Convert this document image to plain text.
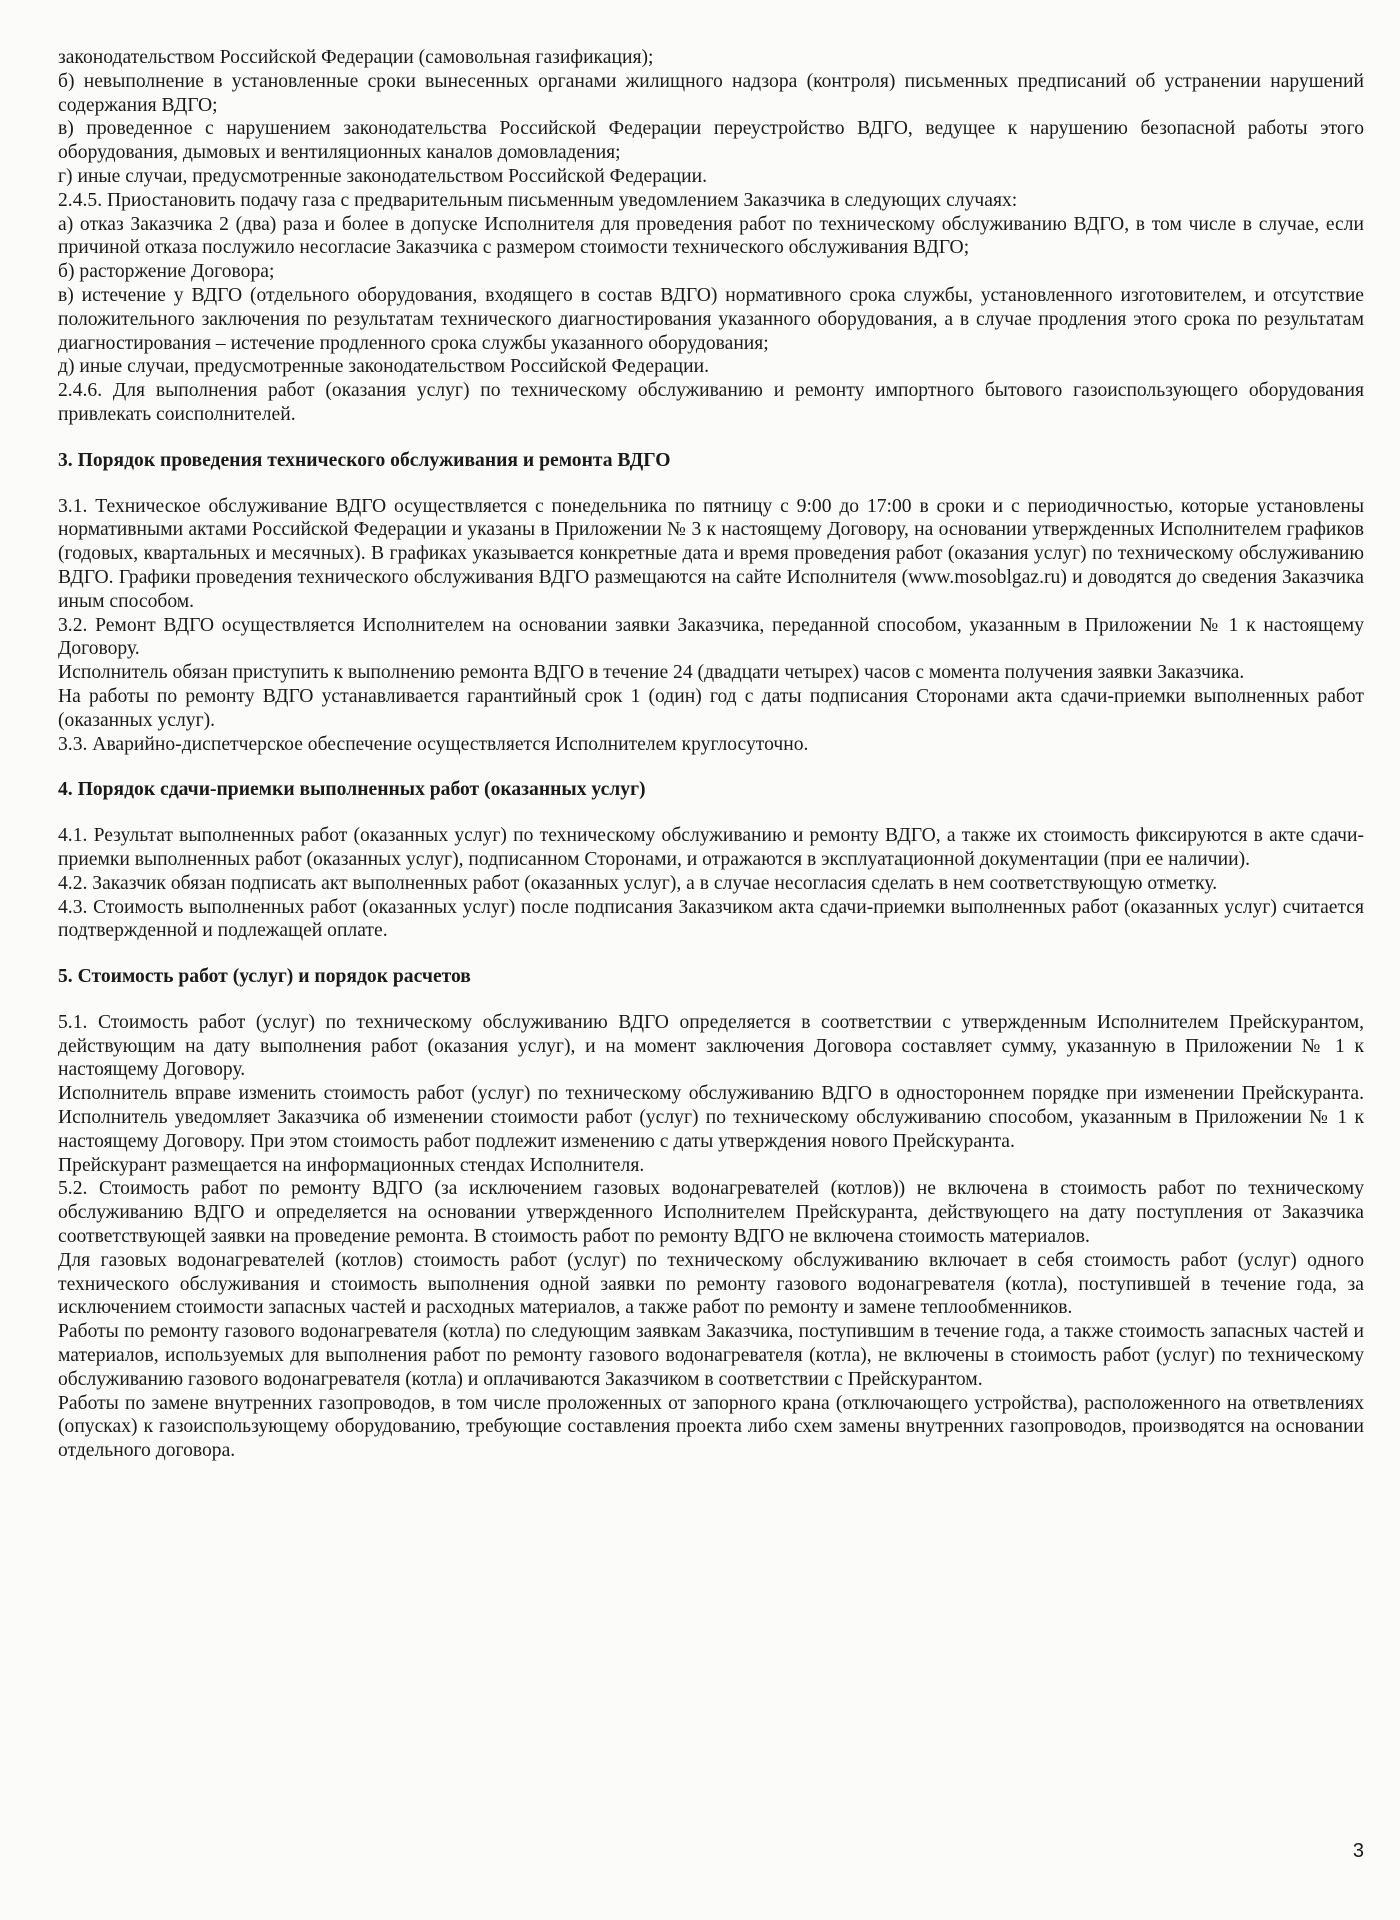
законодательством Российской Федерации (самовольная газификация);

б) невыполнение в установленные сроки вынесенных органами жилищного надзора (контроля) письменных предписаний об устранении нарушений содержания ВДГО;

в) проведенное с нарушением законодательства Российской Федерации переустройство ВДГО, ведущее к нарушению безопасной работы этого оборудования, дымовых и вентиляционных каналов домовладения;

г) иные случаи, предусмотренные законодательством Российской Федерации.

2.4.5. Приостановить подачу газа с предварительным письменным уведомлением Заказчика в следующих случаях:

а) отказ Заказчика 2 (два) раза и более в допуске Исполнителя для проведения работ по техническому обслуживанию ВДГО, в том числе в случае, если причиной отказа послужило несогласие Заказчика с размером стоимости технического обслуживания ВДГО;

б) расторжение Договора;

в) истечение у ВДГО (отдельного оборудования, входящего в состав ВДГО) нормативного срока службы, установленного изготовителем, и отсутствие положительного заключения по результатам технического диагностирования указанного оборудования, а в случае продления этого срока по результатам диагностирования – истечение продленного срока службы указанного оборудования;

д) иные случаи, предусмотренные законодательством Российской Федерации.

2.4.6. Для выполнения работ (оказания услуг) по техническому обслуживанию и ремонту импортного бытового газоиспользующего оборудования привлекать соисполнителей.

3. Порядок проведения технического обслуживания и ремонта ВДГО

3.1. Техническое обслуживание ВДГО осуществляется с понедельника по пятницу с 9:00 до 17:00 в сроки и с периодичностью, которые установлены нормативными актами Российской Федерации и указаны в Приложении № 3 к настоящему Договору, на основании утвержденных Исполнителем графиков (годовых, квартальных и месячных). В графиках указывается конкретные дата и время проведения работ (оказания услуг) по техническому обслуживанию ВДГО. Графики проведения технического обслуживания ВДГО размещаются на сайте Исполнителя (www.mosoblgaz.ru) и доводятся до сведения Заказчика иным способом.

3.2. Ремонт ВДГО осуществляется Исполнителем на основании заявки Заказчика, переданной способом, указанным в Приложении № 1 к настоящему Договору.

Исполнитель обязан приступить к выполнению ремонта ВДГО в течение 24 (двадцати четырех) часов с момента получения заявки Заказчика.

На работы по ремонту ВДГО устанавливается гарантийный срок 1 (один) год с даты подписания Сторонами акта сдачи-приемки выполненных работ (оказанных услуг).

3.3. Аварийно-диспетчерское обеспечение осуществляется Исполнителем круглосуточно.

4. Порядок сдачи-приемки выполненных работ (оказанных услуг)

4.1. Результат выполненных работ (оказанных услуг) по техническому обслуживанию и ремонту ВДГО, а также их стоимость фиксируются в акте сдачи-приемки выполненных работ (оказанных услуг), подписанном Сторонами, и отражаются в эксплуатационной документации (при ее наличии).

4.2. Заказчик обязан подписать акт выполненных работ (оказанных услуг), а в случае несогласия сделать в нем соответствующую отметку.

4.3. Стоимость выполненных работ (оказанных услуг) после подписания Заказчиком акта сдачи-приемки выполненных работ (оказанных услуг) считается подтвержденной и подлежащей оплате.

5. Стоимость работ (услуг) и порядок расчетов

5.1. Стоимость работ (услуг) по техническому обслуживанию ВДГО определяется в соответствии с утвержденным Исполнителем Прейскурантом, действующим на дату выполнения работ (оказания услуг), и на момент заключения Договора составляет сумму, указанную в Приложении № 1 к настоящему Договору.

Исполнитель вправе изменить стоимость работ (услуг) по техническому обслуживанию ВДГО в одностороннем порядке при изменении Прейскуранта. Исполнитель уведомляет Заказчика об изменении стоимости работ (услуг) по техническому обслуживанию способом, указанным в Приложении № 1 к настоящему Договору. При этом стоимость работ подлежит изменению с даты утверждения нового Прейскуранта.

Прейскурант размещается на информационных стендах Исполнителя.

5.2. Стоимость работ по ремонту ВДГО (за исключением газовых водонагревателей (котлов)) не включена в стоимость работ по техническому обслуживанию ВДГО и определяется на основании утвержденного Исполнителем Прейскуранта, действующего на дату поступления от Заказчика соответствующей заявки на проведение ремонта. В стоимость работ по ремонту ВДГО не включена стоимость материалов.

Для газовых водонагревателей (котлов) стоимость работ (услуг) по техническому обслуживанию включает в себя стоимость работ (услуг) одного технического обслуживания и стоимость выполнения одной заявки по ремонту газового водонагревателя (котла), поступившей в течение года, за исключением стоимости запасных частей и расходных материалов, а также работ по ремонту и замене теплообменников.

Работы по ремонту газового водонагревателя (котла) по следующим заявкам Заказчика, поступившим в течение года, а также стоимость запасных частей и материалов, используемых для выполнения работ по ремонту газового водонагревателя (котла), не включены в стоимость работ (услуг) по техническому обслуживанию газового водонагревателя (котла) и оплачиваются Заказчиком в соответствии с Прейскурантом.

Работы по замене внутренних газопроводов, в том числе проложенных от запорного крана (отключающего устройства), расположенного на ответвлениях (опусках) к газоиспользующему оборудованию, требующие составления проекта либо схем замены внутренних газопроводов, производятся на основании отдельного договора.

3
